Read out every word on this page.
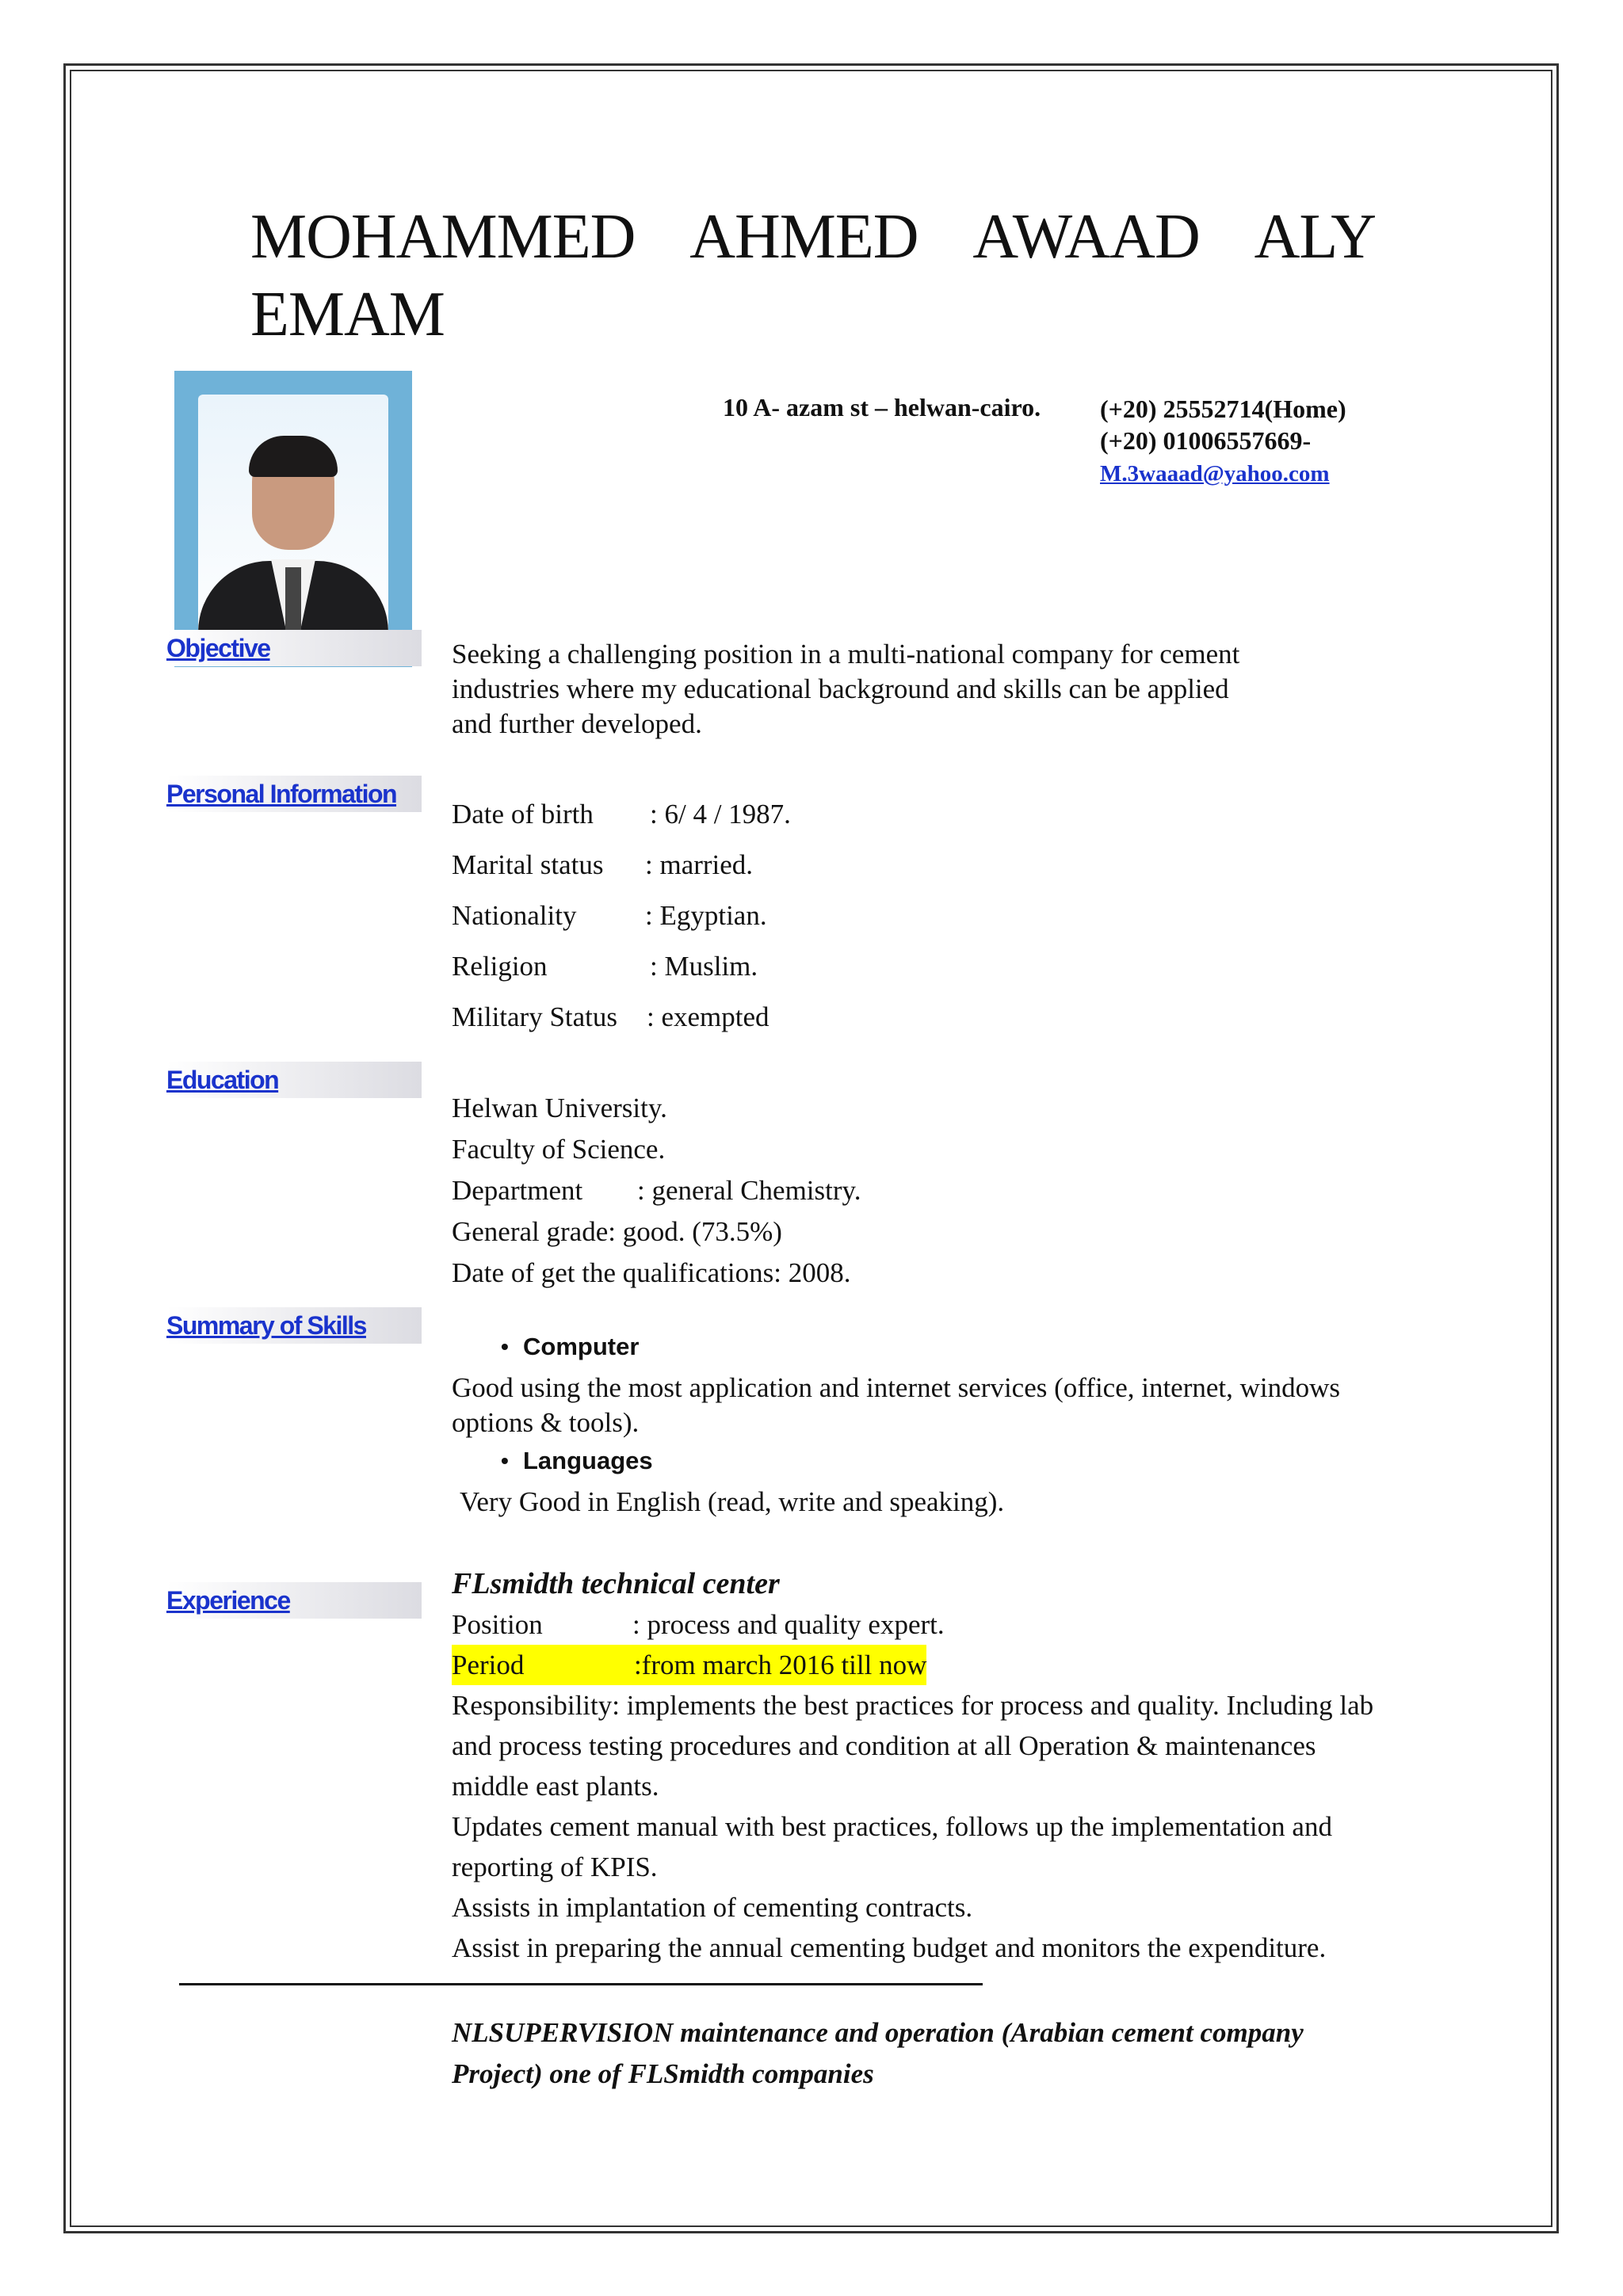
MOHAMMED AHMED AWAAD ALY
EMAM
10 A- azam st – helwan-cairo. (+20) 25552714(Home)
(+20) 01006557669-
M.3waaad@yahoo.com
Objective	Seeking a challenging position in a multi-national company for cement
industries where my educational background and skills can be applied
and further developed.
Personal Information
Date of birth	: 6/ 4 / 1987.
Marital status	: married.
Nationality	: Egyptian.
Religion	: Muslim.
Military Status	: exempted
Education
Helwan University.
Faculty of Science.
Department	: general Chemistry.
General grade: good. (73.5%)
Date of get the qualifications: 2008.
Summary of Skills
• Computer
Good using the most application and internet services (office, internet, windows
options & tools).
• Languages
Very Good in English (read, write and speaking).
Experience	FLsmidth technical center
Position	: process and quality expert.
Period	:from march 2016 till now
Responsibility: implements the best practices for process and quality. Including lab
and process testing procedures and condition at all Operation & maintenances
middle east plants.
Updates cement manual with best practices, follows up the implementation and
reporting of KPIS.
Assists in implantation of cementing contracts.
Assist in preparing the annual cementing budget and monitors the expenditure.
NLSUPERVISION maintenance and operation (Arabian cement company
Project) one of FLSmidth companies
